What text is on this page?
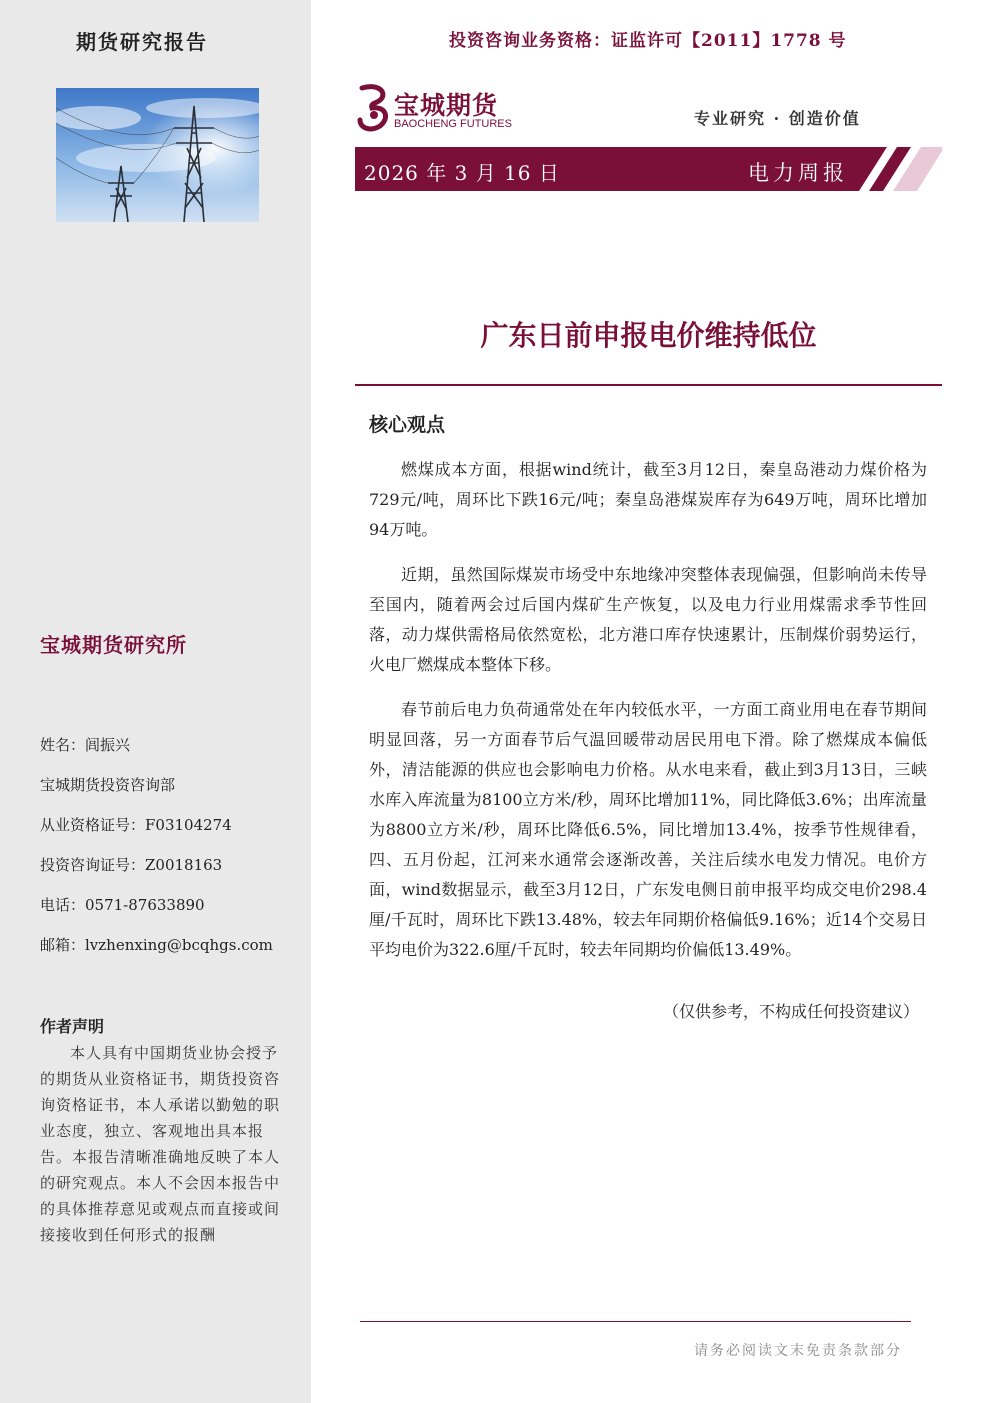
期货研究报告
宝城期货研究所
姓名：闾振兴
宝城期货投资咨询部
从业资格证号：F03104274
投资咨询证号：Z0018163
电话：0571-87633890
邮箱：lvzhenxing@bcqhgs.com
作者声明
本人具有中国期货业协会授予的期货从业资格证书，期货投资咨询资格证书，本人承诺以勤勉的职业态度，独立、客观地出具本报告。本报告清晰准确地反映了本人的研究观点。本人不会因本报告中的具体推荐意见或观点而直接或间接接收到任何形式的报酬
投资咨询业务资格：证监许可【2011】1778 号
宝城期货
BAOCHENG FUTURES	专业研究 · 创造价值
2026 年 3 月 16 日	电力周报
广东日前申报电价维持低位
核心观点

燃煤成本方面，根据wind统计，截至3月12日，秦皇岛港动力煤价格为729元/吨，周环比下跌16元/吨；秦皇岛港煤炭库存为649万吨，周环比增加94万吨。

近期，虽然国际煤炭市场受中东地缘冲突整体表现偏强，但影响尚未传导至国内，随着两会过后国内煤矿生产恢复，以及电力行业用煤需求季节性回落，动力煤供需格局依然宽松，北方港口库存快速累计，压制煤价弱势运行，火电厂燃煤成本整体下移。

春节前后电力负荷通常处在年内较低水平，一方面工商业用电在春节期间明显回落，另一方面春节后气温回暖带动居民用电下滑。除了燃煤成本偏低外，清洁能源的供应也会影响电力价格。从水电来看，截止到3月13日，三峡水库入库流量为8100立方米/秒，周环比增加11%，同比降低3.6%；出库流量为8800立方米/秒，周环比降低6.5%，同比增加13.4%，按季节性规律看，四、五月份起，江河来水通常会逐渐改善，关注后续水电发力情况。电价方面，wind数据显示，截至3月12日，广东发电侧日前申报平均成交电价298.4厘/千瓦时，周环比下跌13.48%，较去年同期价格偏低9.16%；近14个交易日平均电价为322.6厘/千瓦时，较去年同期均价偏低13.49%。

（仅供参考，不构成任何投资建议）
请务必阅读文末免责条款部分
